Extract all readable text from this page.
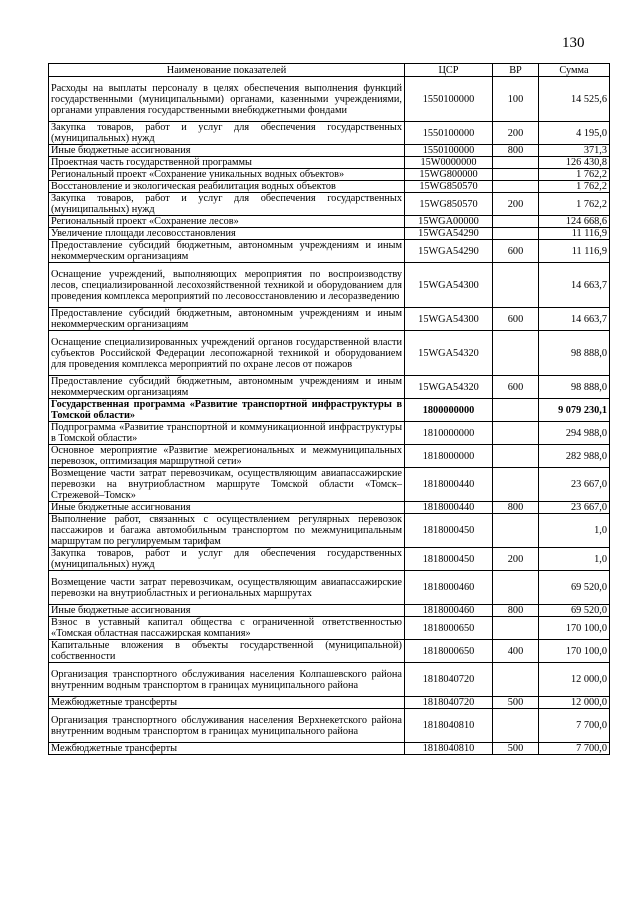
130
Наименование показателей	ЦСР	ВР	Сумма
Расходы на выплаты персоналу в целях обеспечения выполнения функций государственными (муниципальными) органами, казенными учреждениями, органами управления государственными внебюджетными фондами	1550100000	100	14 525,6
Закупка товаров, работ и услуг для обеспечения государственных (муниципальных) нужд	1550100000	200	4 195,0
Иные бюджетные ассигнования	1550100000	800	371,3
Проектная часть государственной программы	15W0000000		126 430,8
Региональный проект «Сохранение уникальных водных объектов»	15WG800000		1 762,2
Восстановление и экологическая реабилитация водных объектов	15WG850570		1 762,2
Закупка товаров, работ и услуг для обеспечения государственных (муниципальных) нужд	15WG850570	200	1 762,2
Региональный проект «Сохранение лесов»	15WGA00000		124 668,6
Увеличение площади лесовосстановления	15WGA54290		11 116,9
Предоставление субсидий бюджетным, автономным учреждениям и иным некоммерческим организациям	15WGA54290	600	11 116,9
Оснащение учреждений, выполняющих мероприятия по воспроизводству лесов, специализированной лесохозяйственной техникой и оборудованием для проведения комплекса мероприятий по лесовосстановлению и лесоразведению	15WGA54300		14 663,7
Предоставление субсидий бюджетным, автономным учреждениям и иным некоммерческим организациям	15WGA54300	600	14 663,7
Оснащение специализированных учреждений органов государственной власти субъектов Российской Федерации лесопожарной техникой и оборудованием для проведения комплекса мероприятий по охране лесов от пожаров	15WGA54320		98 888,0
Предоставление субсидий бюджетным, автономным учреждениям и иным некоммерческим организациям	15WGA54320	600	98 888,0
Государственная программа «Развитие транспортной инфраструктуры в Томской области»	1800000000		9 079 230,1
Подпрограмма «Развитие транспортной и коммуникационной инфраструктуры в Томской области»	1810000000		294 988,0
Основное мероприятие «Развитие межрегиональных и межмуниципальных перевозок, оптимизация маршрутной сети»	1818000000		282 988,0
Возмещение части затрат перевозчикам, осуществляющим авиапассажирские перевозки на внутриобластном маршруте Томской области «Томск–Стрежевой–Томск»	1818000440		23 667,0
Иные бюджетные ассигнования	1818000440	800	23 667,0
Выполнение работ, связанных с осуществлением регулярных перевозок пассажиров и багажа автомобильным транспортом по межмуниципальным маршрутам по регулируемым тарифам	1818000450		1,0
Закупка товаров, работ и услуг для обеспечения государственных (муниципальных) нужд	1818000450	200	1,0
Возмещение части затрат перевозчикам, осуществляющим авиапассажирские перевозки на внутриобластных и региональных маршрутах	1818000460		69 520,0
Иные бюджетные ассигнования	1818000460	800	69 520,0
Взнос в уставный капитал общества с ограниченной ответственностью «Томская областная пассажирская компания»	1818000650		170 100,0
Капитальные вложения в объекты государственной (муниципальной) собственности	1818000650	400	170 100,0
Организация транспортного обслуживания населения Колпашевского района внутренним водным транспортом в границах муниципального района	1818040720		12 000,0
Межбюджетные трансферты	1818040720	500	12 000,0
Организация транспортного обслуживания населения Верхнекетского района внутренним водным транспортом в границах муниципального района	1818040810		7 700,0
Межбюджетные трансферты	1818040810	500	7 700,0
